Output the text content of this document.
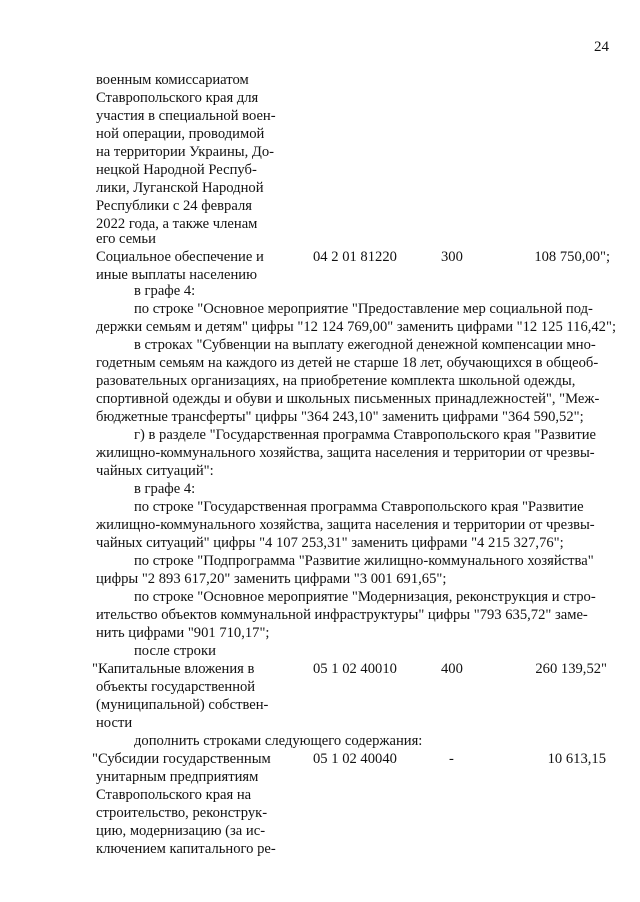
24
военным комиссариатом
Ставропольского края для
участия в специальной воен-
ной операции, проводимой
на территории Украины, До-
нецкой Народной Респуб-
лики, Луганской Народной
Республики с 24 февраля
2022 года, а также членам
его семьи
Социальное обеспечение и
иные выплаты населению
04 2 01 81220	300	108 750,00";
в графе 4:
по строке "Основное мероприятие "Предоставление мер социальной под-
держки семьям и детям" цифры "12 124 769,00" заменить цифрами "12 125 116,42";
в строках "Субвенции на выплату ежегодной денежной компенсации мно-
годетным семьям на каждого из детей не старше 18 лет, обучающихся в общеоб-
разовательных организациях, на приобретение комплекта школьной одежды,
спортивной одежды и обуви и школьных письменных принадлежностей", "Меж-
бюджетные трансферты" цифры "364 243,10" заменить цифрами "364 590,52";
г) в разделе "Государственная программа Ставропольского края "Развитие
жилищно-коммунального хозяйства, защита населения и территории от чрезвы-
чайных ситуаций":
в графе 4:
по строке "Государственная программа Ставропольского края "Развитие
жилищно-коммунального хозяйства, защита населения и территории от чрезвы-
чайных ситуаций" цифры "4 107 253,31" заменить цифрами "4 215 327,76";
по строке "Подпрограмма "Развитие жилищно-коммунального хозяйства"
цифры "2 893 617,20" заменить цифрами "3 001 691,65";
по строке "Основное мероприятие "Модернизация, реконструкция и стро-
ительство объектов коммунальной инфраструктуры" цифры "793 635,72" заме-
нить цифрами "901 710,17";
после строки
"Капитальные вложения в
объекты государственной
(муниципальной) собствен-
ности
05 1 02 40010	400	260 139,52"
дополнить строками следующего содержания:
"Субсидии государственным
унитарным предприятиям
Ставропольского края на
строительство, реконструк-
цию, модернизацию (за ис-
ключением капитального ре-
05 1 02 40040	-	10 613,15
